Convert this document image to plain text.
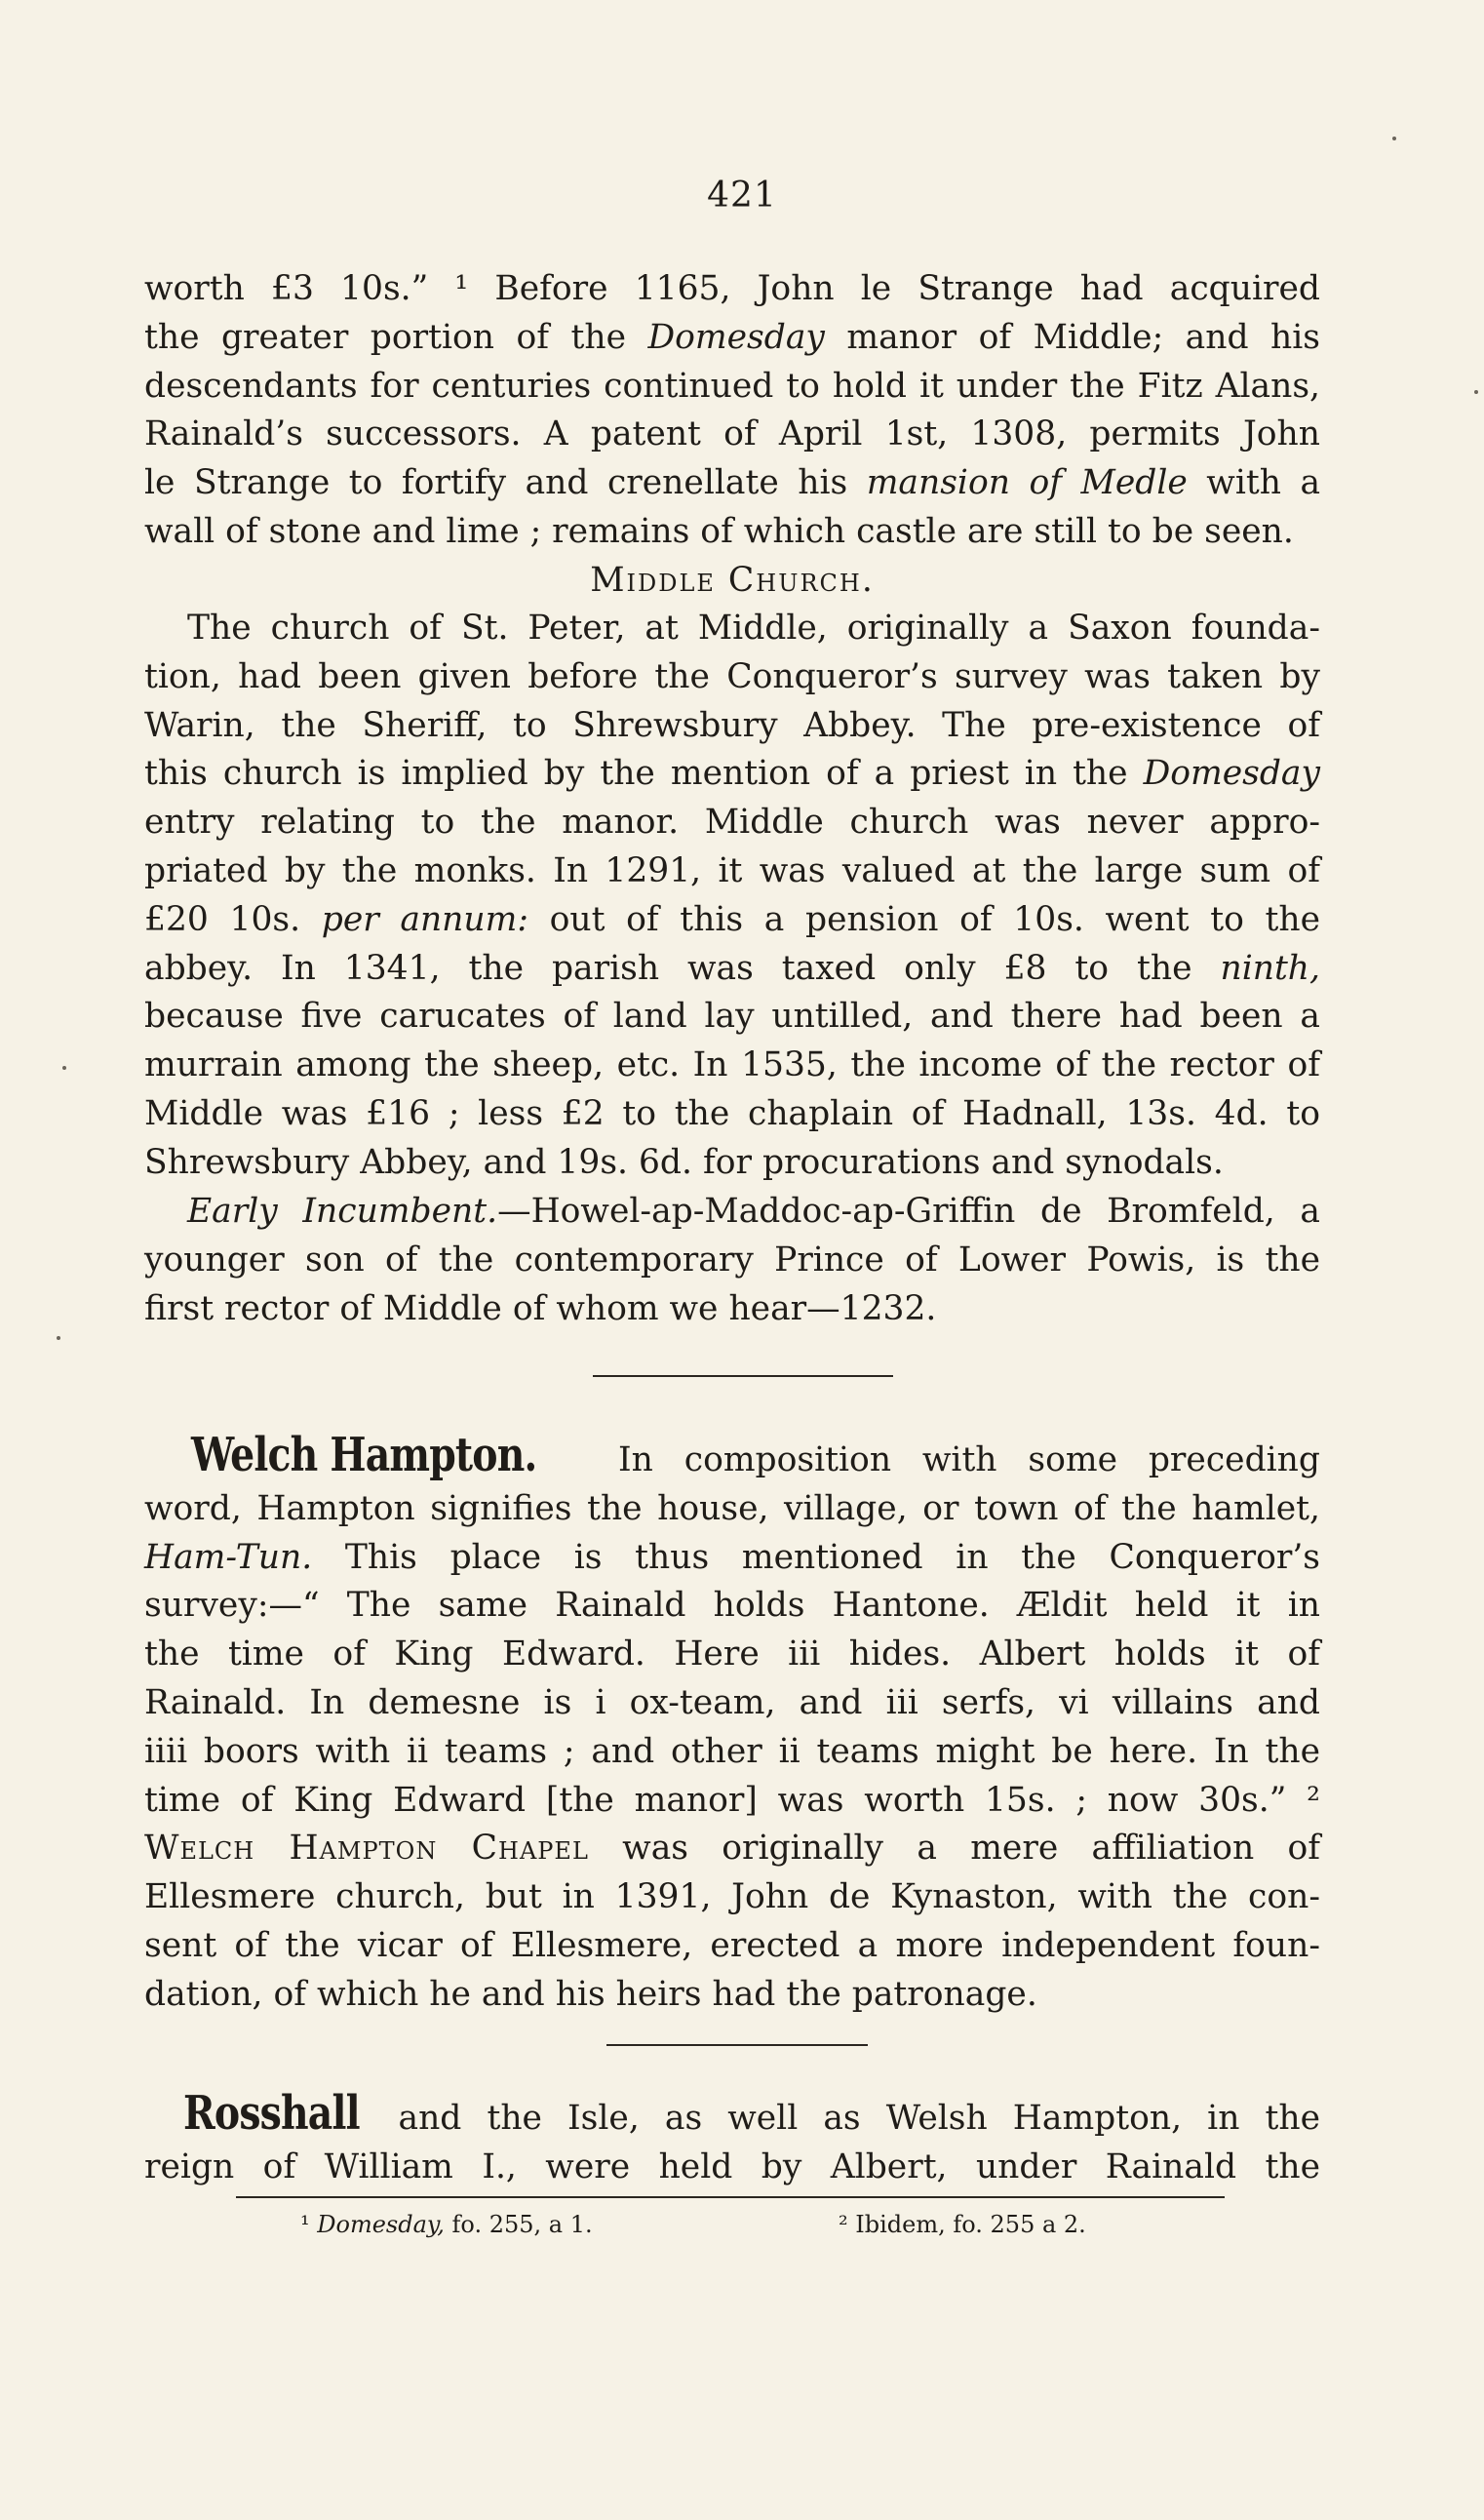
421

worth £3 10s.” ¹ Before 1165, John le Strange had acquired

the greater portion of the Domesday manor of Middle; and his

descendants for centuries continued to hold it under the Fitz Alans,

Rainald’s successors. A patent of April 1st, 1308, permits John

le Strange to fortify and crenellate his mansion of Medle with a

wall of stone and lime ; remains of which castle are still to be seen.

Middle Church.

The church of St. Peter, at Middle, originally a Saxon founda-

tion, had been given before the Conqueror’s survey was taken by

Warin, the Sheriff, to Shrewsbury Abbey. The pre-existence of

this church is implied by the mention of a priest in the Domesday

entry relating to the manor. Middle church was never appro-

priated by the monks. In 1291, it was valued at the large sum of

£20 10s. per annum: out of this a pension of 10s. went to the

abbey. In 1341, the parish was taxed only £8 to the ninth,

because five carucates of land lay untilled, and there had been a

murrain among the sheep, etc. In 1535, the income of the rector of

Middle was £16 ; less £2 to the chaplain of Hadnall, 13s. 4d. to

Shrewsbury Abbey, and 19s. 6d. for procurations and synodals.

Early Incumbent.—Howel-ap-Maddoc-ap-Griffin de Bromfeld, a

younger son of the contemporary Prince of Lower Powis, is the

first rector of Middle of whom we hear—1232.

Welch Hampton. In composition with some preceding

word, Hampton signifies the house, village, or town of the hamlet,

Ham-Tun. This place is thus mentioned in the Conqueror’s

survey:—“ The same Rainald holds Hantone. Ældit held it in

the time of King Edward. Here iii hides. Albert holds it of

Rainald. In demesne is i ox-team, and iii serfs, vi villains and

iiii boors with ii teams ; and other ii teams might be here. In the

time of King Edward [the manor] was worth 15s. ; now 30s.” ²

Welch Hampton Chapel was originally a mere affiliation of

Ellesmere church, but in 1391, John de Kynaston, with the con-

sent of the vicar of Ellesmere, erected a more independent foun-

dation, of which he and his heirs had the patronage.

Rosshall and the Isle, as well as Welsh Hampton, in the

reign of William I., were held by Albert, under Rainald the

¹ Domesday, fo. 255, a 1.	² Ibidem, fo. 255 a 2.
